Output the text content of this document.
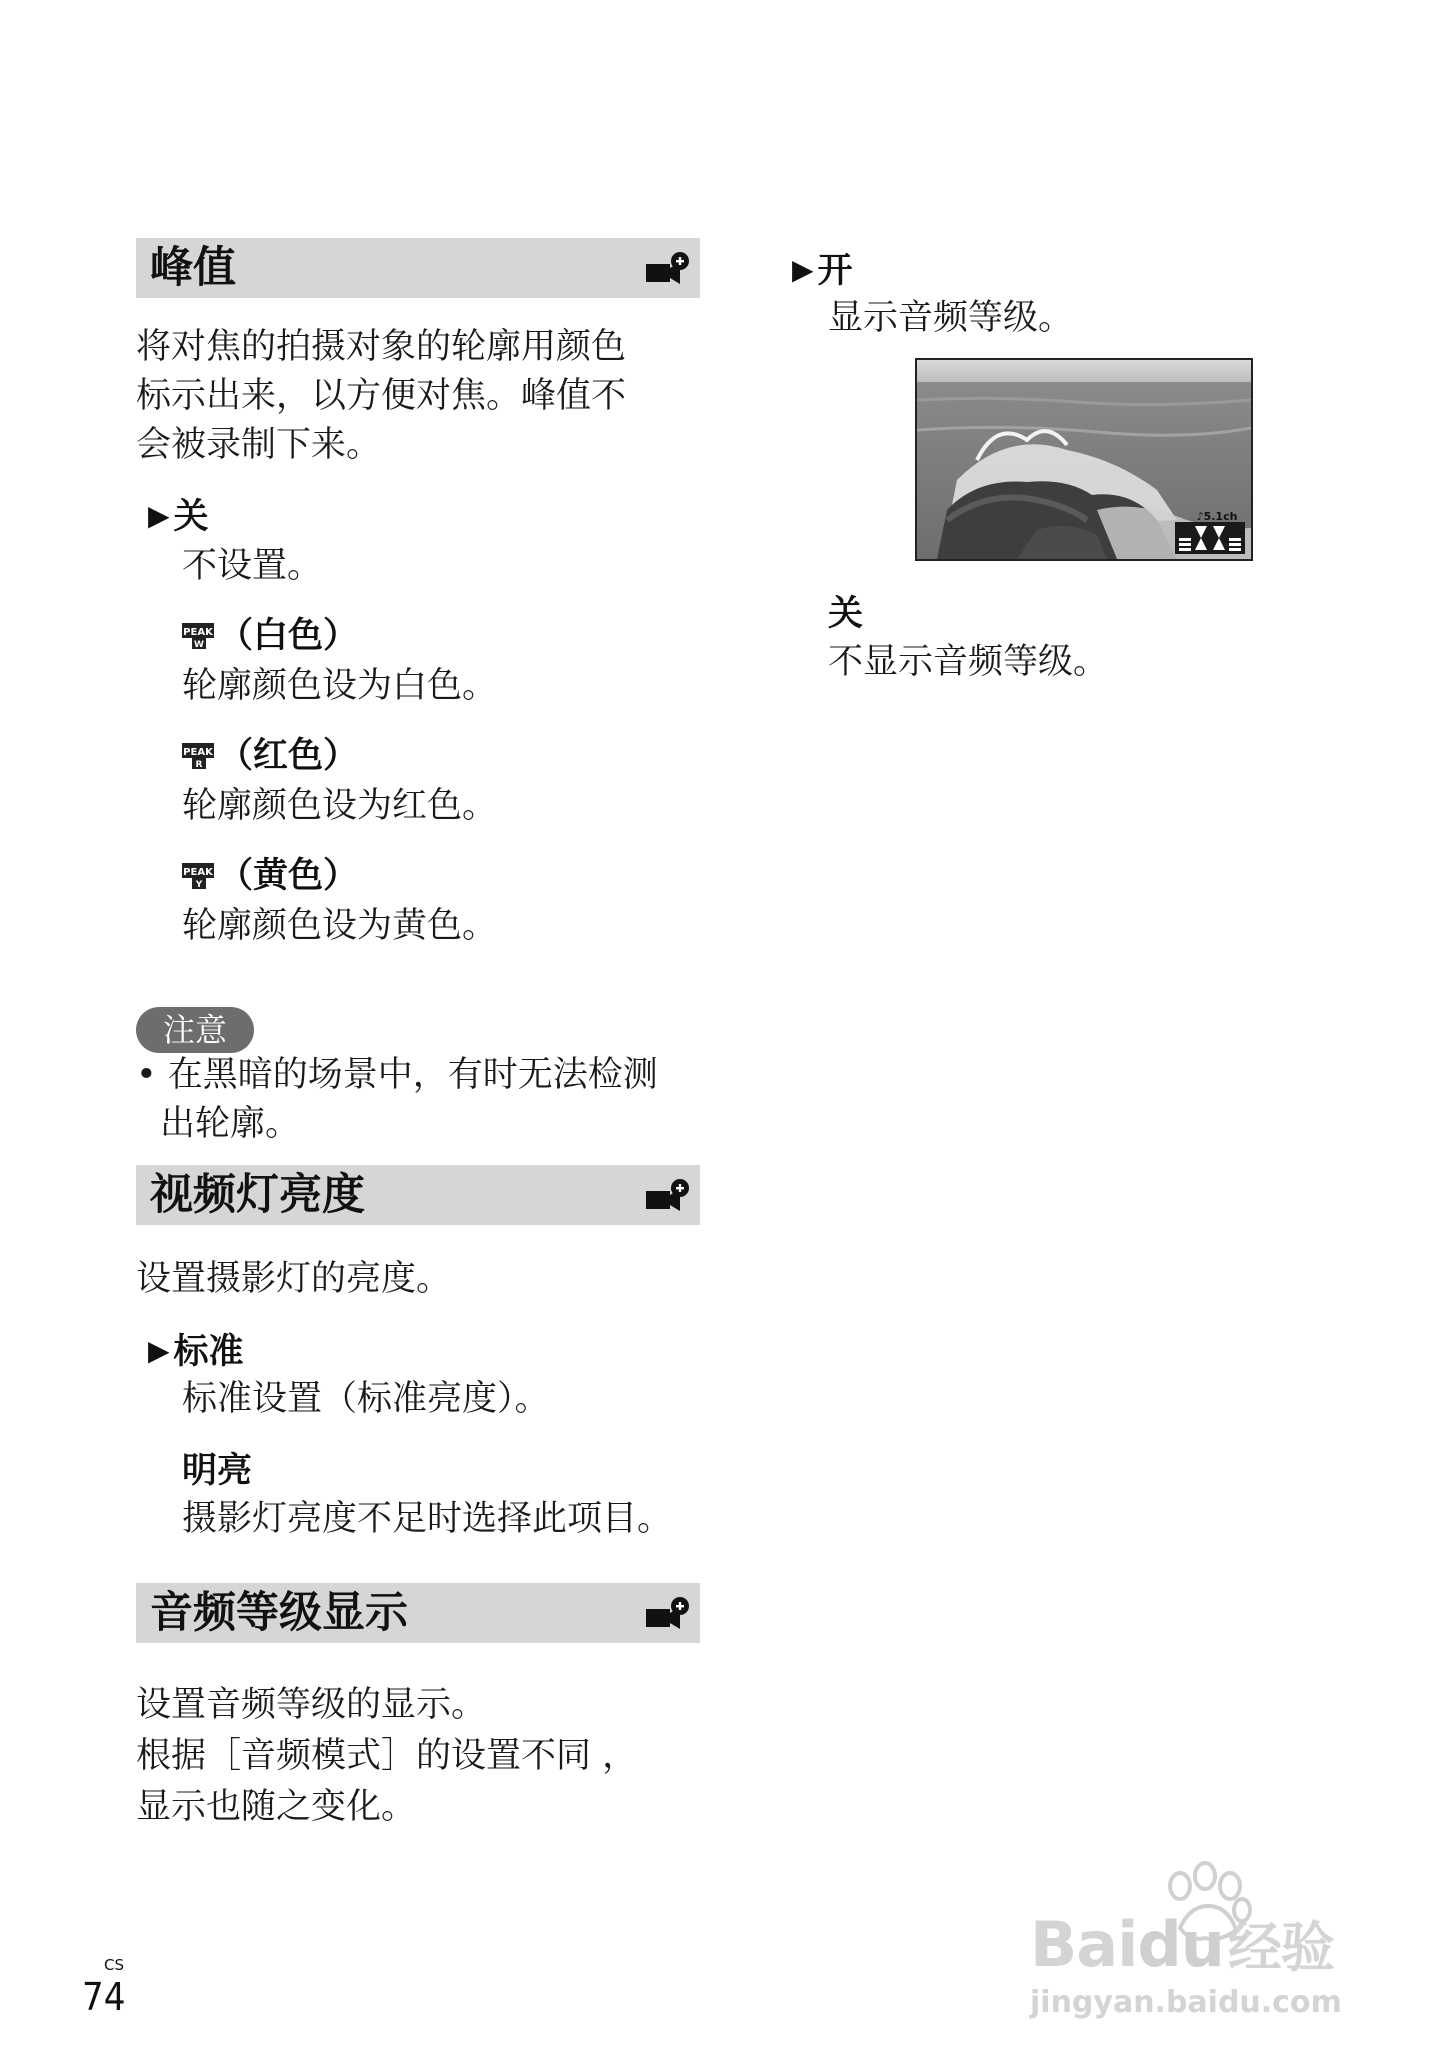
峰值
将对焦的拍摄对象的轮廓用颜色
标示出来，以方便对焦。峰值不
会被录制下来。
▶ 关
不设置。
PEAK
W （白色）
轮廓颜色设为白色。
PEAK
R （红色）
轮廓颜色设为红色。
PEAK
Y （黄色）
轮廓颜色设为黄色。
注意
• 在黑暗的场景中，有时无法检测
出轮廓。
视频灯亮度
设置摄影灯的亮度。
▶ 标准
标准设置（标准亮度）。
明亮
摄影灯亮度不足时选择此项目。
音频等级显示
设置音频等级的显示。
根据［音频模式］的设置不同 ，
显示也随之变化。
▶ 开
显示音频等级。
♪5.1ch
关
不显示音频等级。
CS
74
Baidu经验
jingyan.baidu.com
